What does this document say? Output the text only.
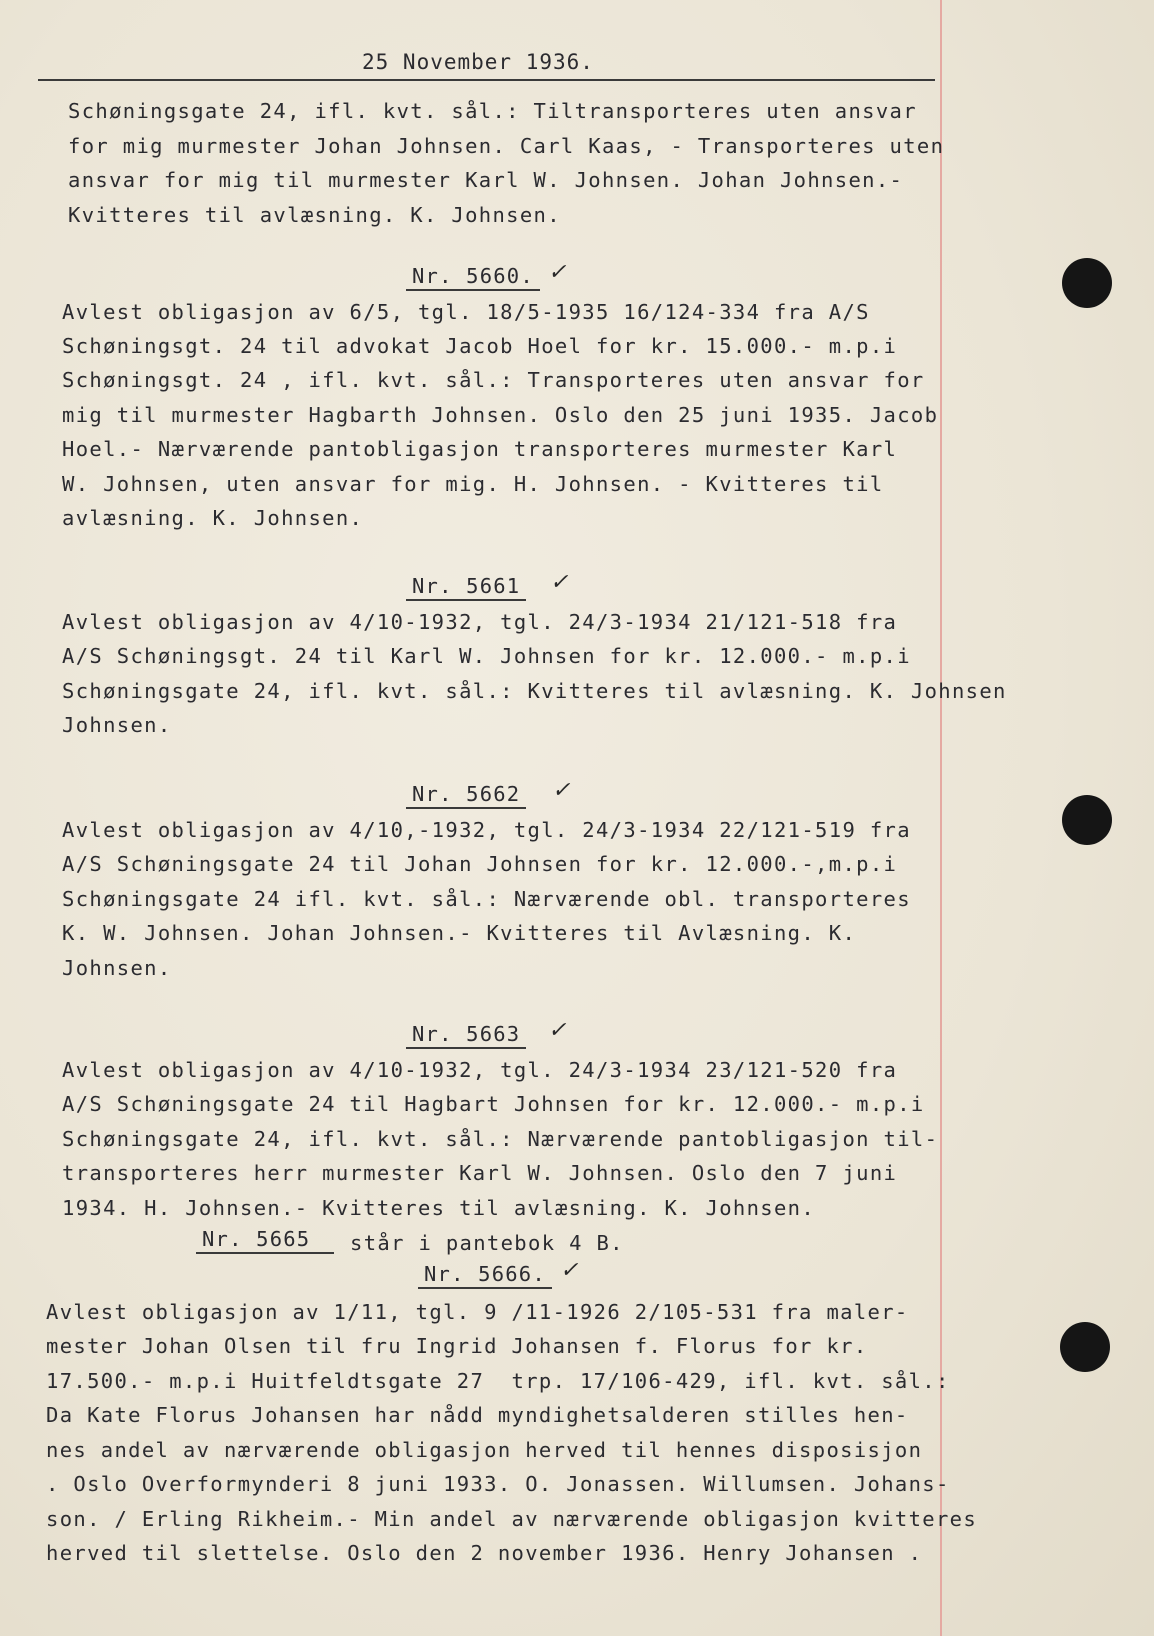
25 November 1936.
Schøningsgate 24, ifl. kvt. sål.: Tiltransporteres uten ansvar
for mig murmester Johan Johnsen. Carl Kaas, - Transporteres uten
ansvar for mig til murmester Karl W. Johnsen. Johan Johnsen.-
Kvitteres til avlæsning. K. Johnsen.
Nr. 5660. ✓
Avlest obligasjon av 6/5, tgl. 18/5-1935 16/124-334 fra A/S
Schøningsgt. 24 til advokat Jacob Hoel for kr. 15.000.- m.p.i
Schøningsgt. 24 , ifl. kvt. sål.: Transporteres uten ansvar for
mig til murmester Hagbarth Johnsen. Oslo den 25 juni 1935. Jacob
Hoel.- Nærværende pantobligasjon transporteres murmester Karl
W. Johnsen, uten ansvar for mig. H. Johnsen. - Kvitteres til
avlæsning. K. Johnsen.
Nr. 5661 ✓
Avlest obligasjon av 4/10-1932, tgl. 24/3-1934 21/121-518 fra
A/S Schøningsgt. 24 til Karl W. Johnsen for kr. 12.000.- m.p.i
Schøningsgate 24, ifl. kvt. sål.: Kvitteres til avlæsning. K. Johnsen
Johnsen.
Nr. 5662 ✓
Avlest obligasjon av 4/10,-1932, tgl. 24/3-1934 22/121-519 fra
A/S Schøningsgate 24 til Johan Johnsen for kr. 12.000.-,m.p.i
Schøningsgate 24 ifl. kvt. sål.: Nærværende obl. transporteres
K. W. Johnsen. Johan Johnsen.- Kvitteres til Avlæsning. K.
Johnsen.
Nr. 5663 ✓
Avlest obligasjon av 4/10-1932, tgl. 24/3-1934 23/121-520 fra
A/S Schøningsgate 24 til Hagbart Johnsen for kr. 12.000.- m.p.i
Schøningsgate 24, ifl. kvt. sål.: Nærværende pantobligasjon til-
transporteres herr murmester Karl W. Johnsen. Oslo den 7 juni
1934. H. Johnsen.- Kvitteres til avlæsning. K. Johnsen.
Nr. 5665	står i pantebok 4 B.
Nr. 5666. ✓
Avlest obligasjon av 1/11, tgl. 9 /11-1926 2/105-531 fra maler-
mester Johan Olsen til fru Ingrid Johansen f. Florus for kr.
17.500.- m.p.i Huitfeldtsgate 27  trp. 17/106-429, ifl. kvt. sål.:
Da Kate Florus Johansen har nådd myndighetsalderen stilles hen-
nes andel av nærværende obligasjon herved til hennes disposisjon
. Oslo Overformynderi 8 juni 1933. O. Jonassen. Willumsen. Johans-
son. / Erling Rikheim.- Min andel av nærværende obligasjon kvitteres
herved til slettelse. Oslo den 2 november 1936. Henry Johansen .
